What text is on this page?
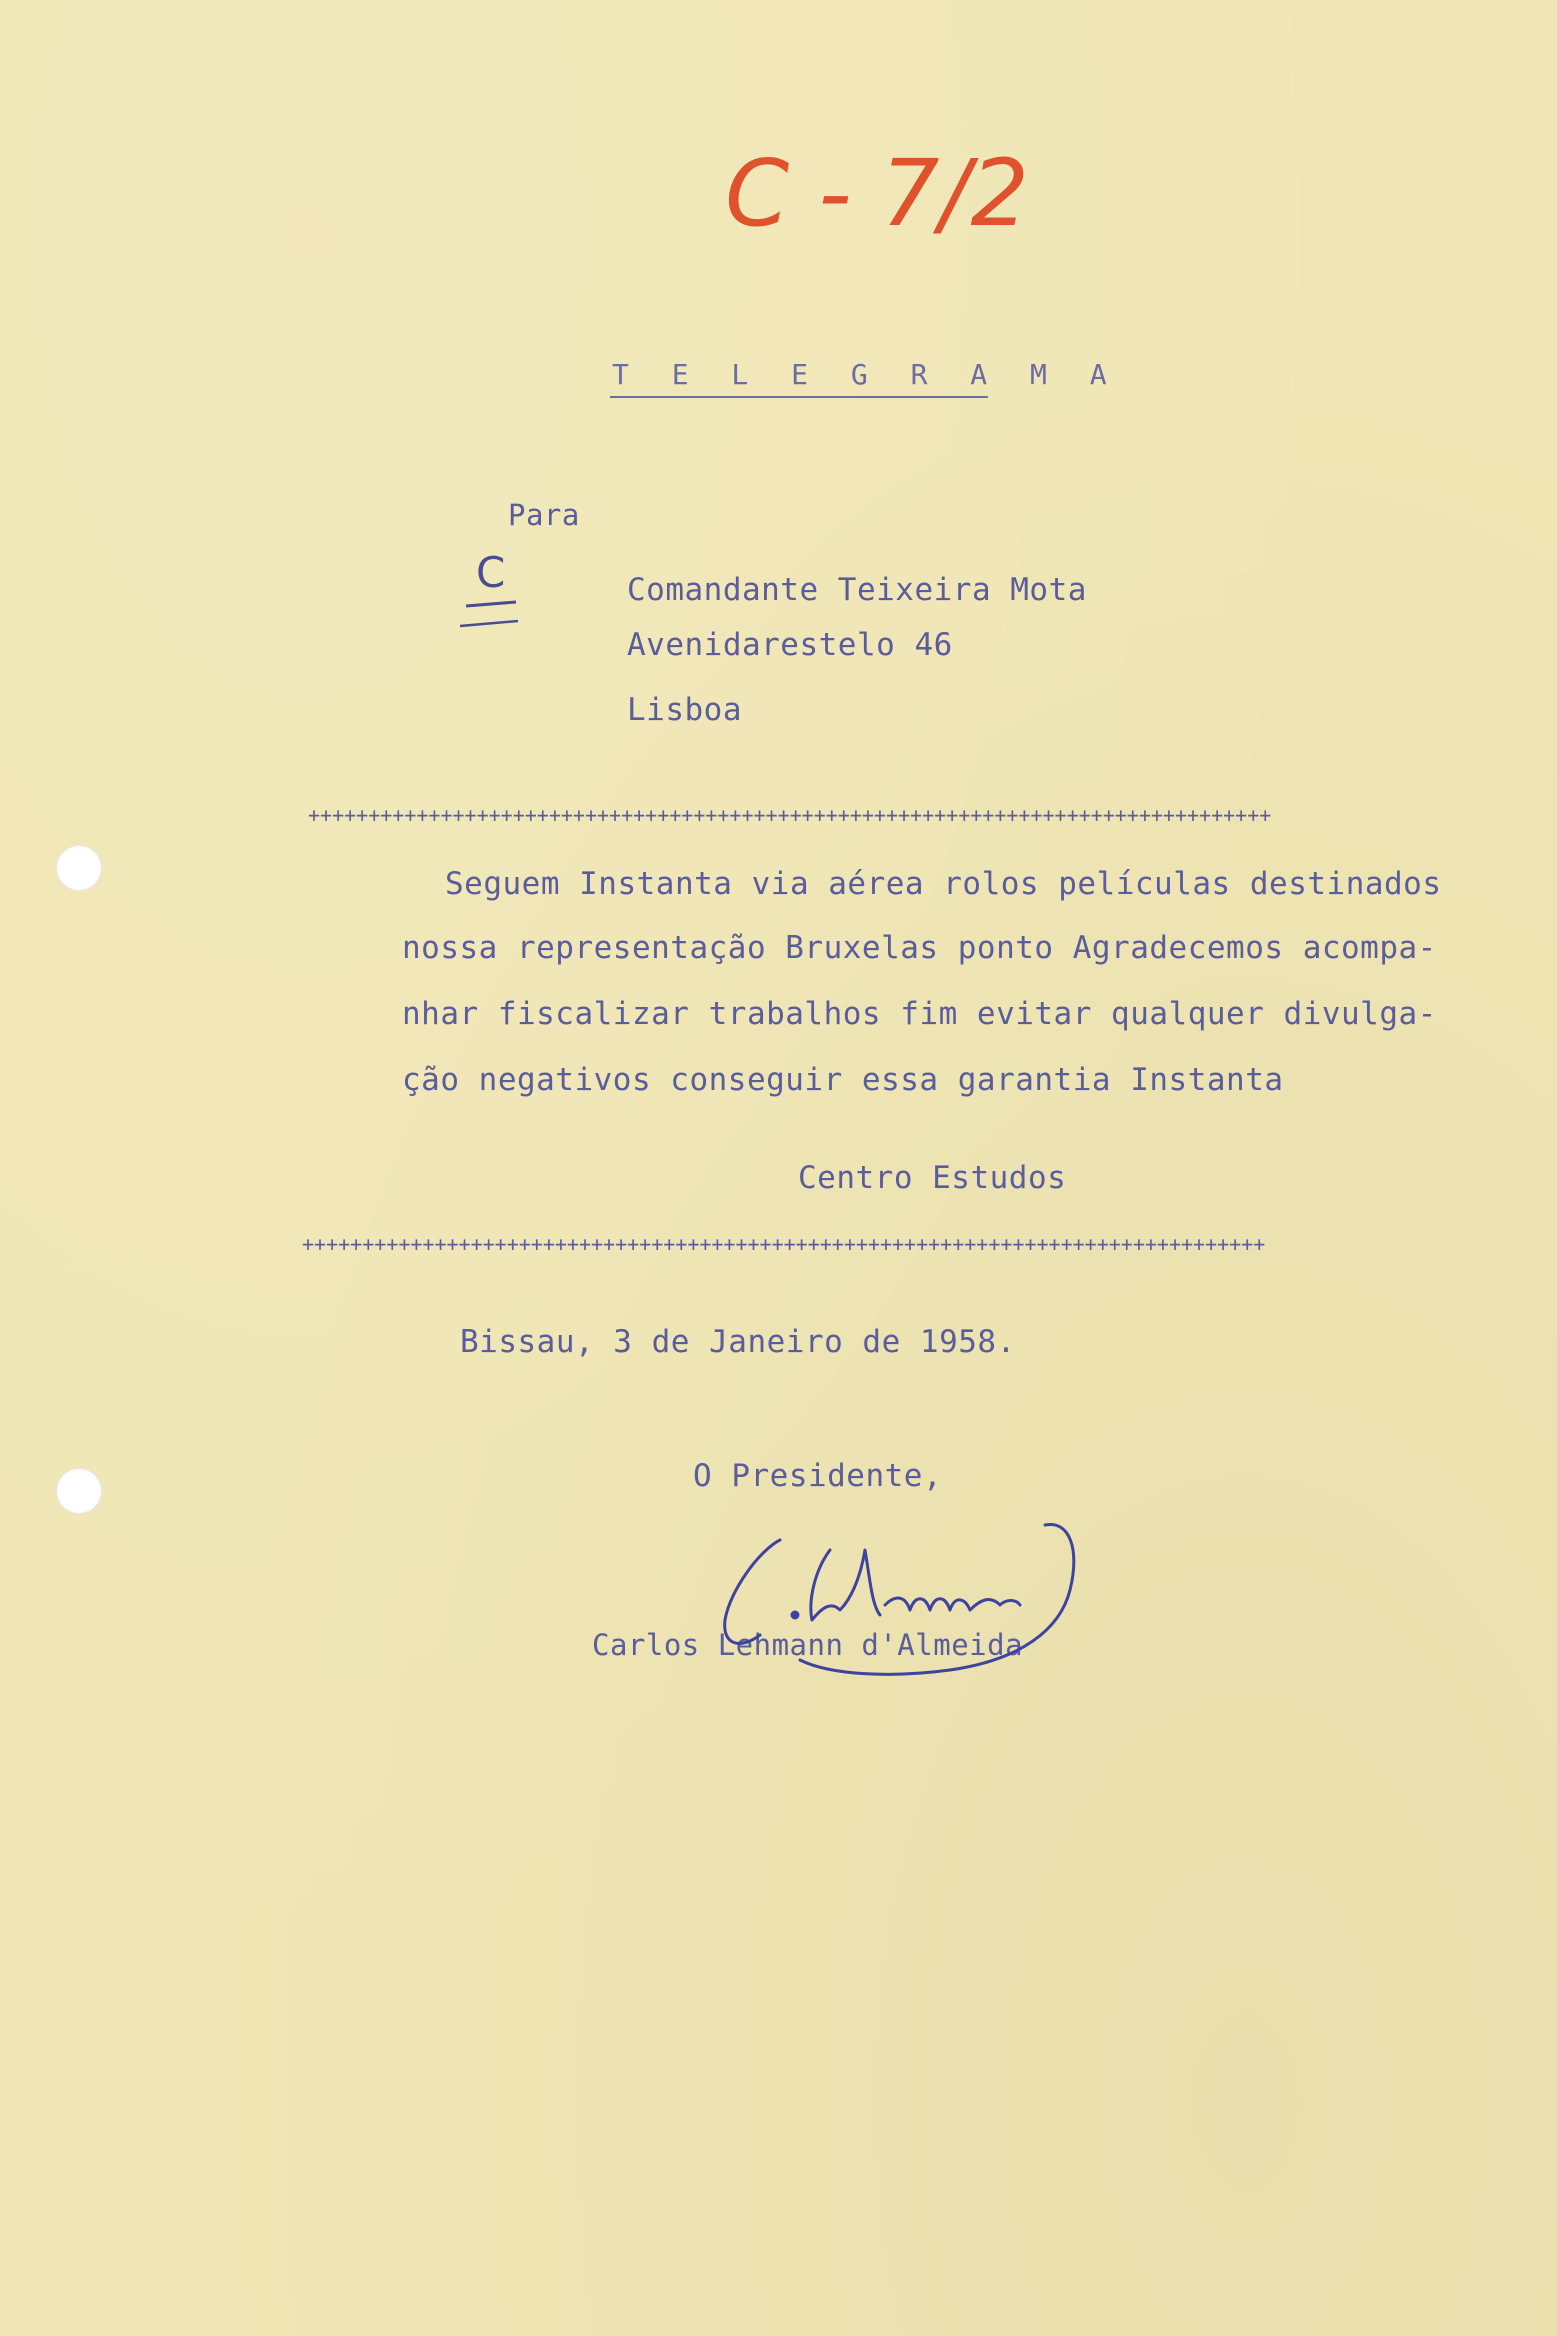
C - 7/2
T E L E G R A M A
Para
C	Comandante Teixeira Mota
Avenidarestelo 46
Lisboa
++++++++++++++++++++++++++++++++++++++++++++++++++++++++++++++++++++++++++++++++
Seguem Instanta via aérea rolos películas destinados
nossa representação Bruxelas ponto Agradecemos acompa-
nhar fiscalizar trabalhos fim evitar qualquer divulga-
ção negativos conseguir essa garantia Instanta
Centro Estudos
++++++++++++++++++++++++++++++++++++++++++++++++++++++++++++++++++++++++++++++++
Bissau, 3 de Janeiro de 1958.
O Presidente,
Carlos Lehmann d'Almeida
